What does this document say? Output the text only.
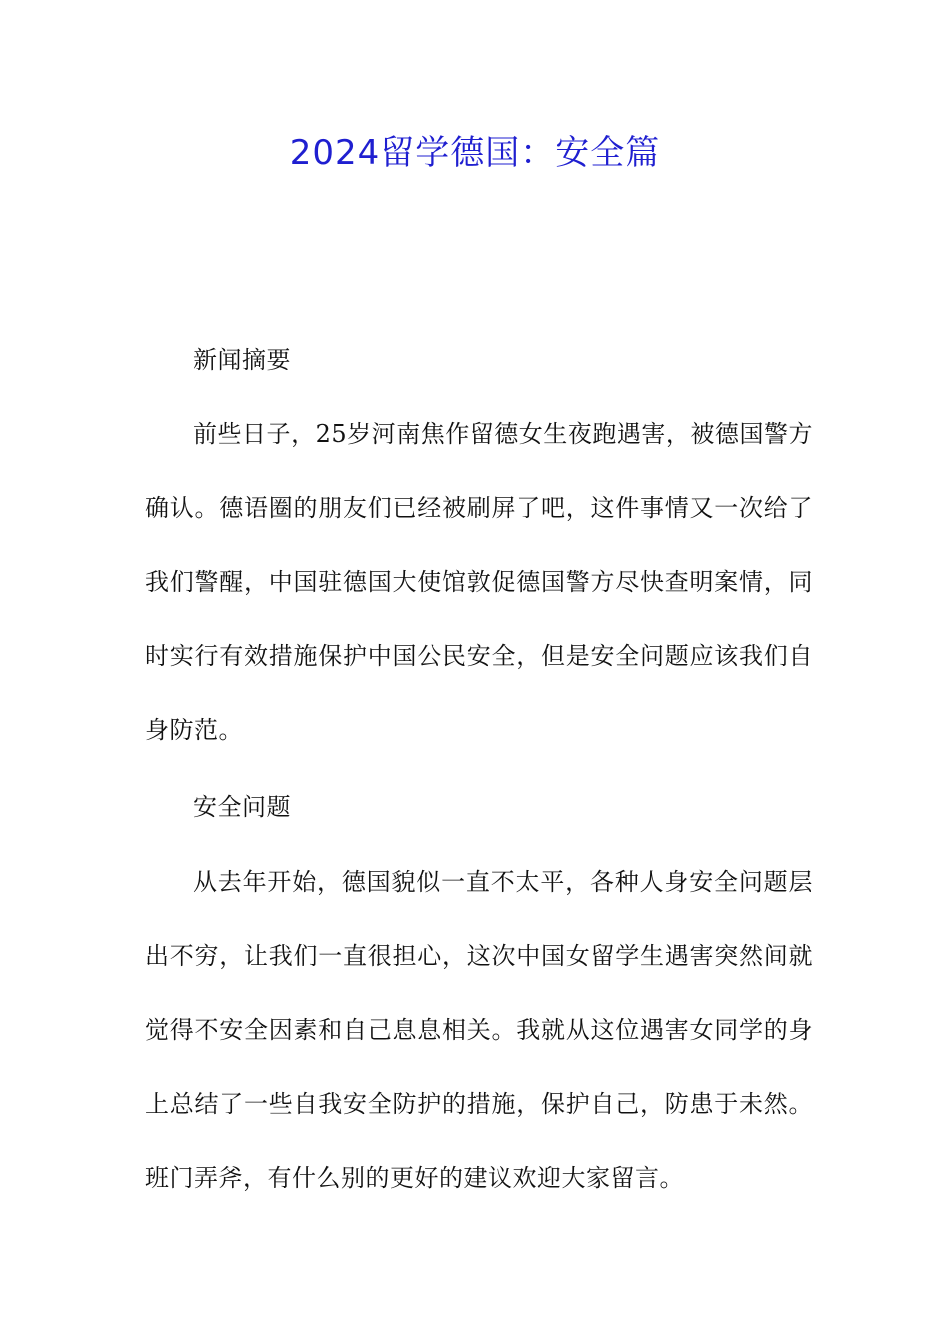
2024留学德国：安全篇

新闻摘要

前些日子，25岁河南焦作留德女生夜跑遇害，被德国警方确认。德语圈的朋友们已经被刷屏了吧，这件事情又一次给了我们警醒，中国驻德国大使馆敦促德国警方尽快查明案情，同时实行有效措施保护中国公民安全，但是安全问题应该我们自身防范。

安全问题

从去年开始，德国貌似一直不太平，各种人身安全问题层出不穷，让我们一直很担心，这次中国女留学生遇害突然间就觉得不安全因素和自己息息相关。我就从这位遇害女同学的身上总结了一些自我安全防护的措施，保护自己，防患于未然。班门弄斧，有什么别的更好的建议欢迎大家留言。
